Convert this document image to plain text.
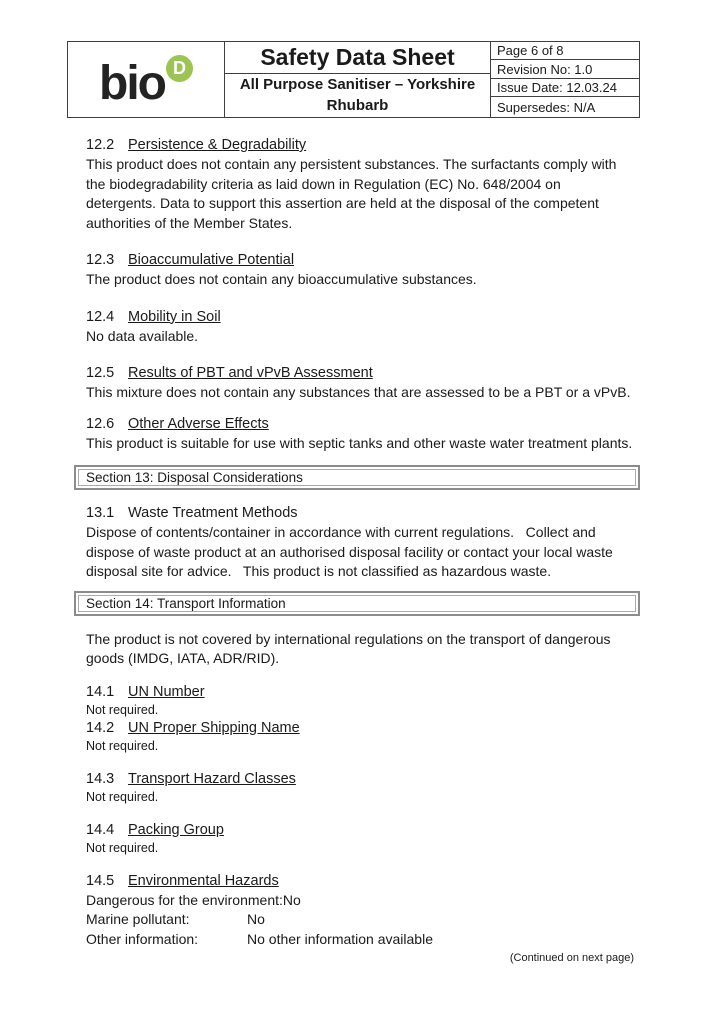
bio D	Safety Data Sheet
All Purpose Sanitiser – Yorkshire Rhubarb
Page 6 of 8
Revision No: 1.0
Issue Date: 12.03.24
Supersedes: N/A
12.2 Persistence & Degradability
This product does not contain any persistent substances. The surfactants comply with the biodegradability criteria as laid down in Regulation (EC) No. 648/2004 on detergents. Data to support this assertion are held at the disposal of the competent authorities of the Member States.
12.3 Bioaccumulative Potential
The product does not contain any bioaccumulative substances.
12.4 Mobility in Soil
No data available.
12.5 Results of PBT and vPvB Assessment
This mixture does not contain any substances that are assessed to be a PBT or a vPvB.
12.6 Other Adverse Effects
This product is suitable for use with septic tanks and other waste water treatment plants.
Section 13: Disposal Considerations
13.1 Waste Treatment Methods
Dispose of contents/container in accordance with current regulations.   Collect and dispose of waste product at an authorised disposal facility or contact your local waste disposal site for advice.   This product is not classified as hazardous waste.
Section 14: Transport Information
The product is not covered by international regulations on the transport of dangerous goods (IMDG, IATA, ADR/RID).
14.1 UN Number
Not required.
14.2 UN Proper Shipping Name
Not required.
14.3 Transport Hazard Classes
Not required.
14.4 Packing Group
Not required.
14.5 Environmental Hazards
Dangerous for the environment:No
Marine pollutant:	No
Other information:	No other information available
(Continued on next page)
